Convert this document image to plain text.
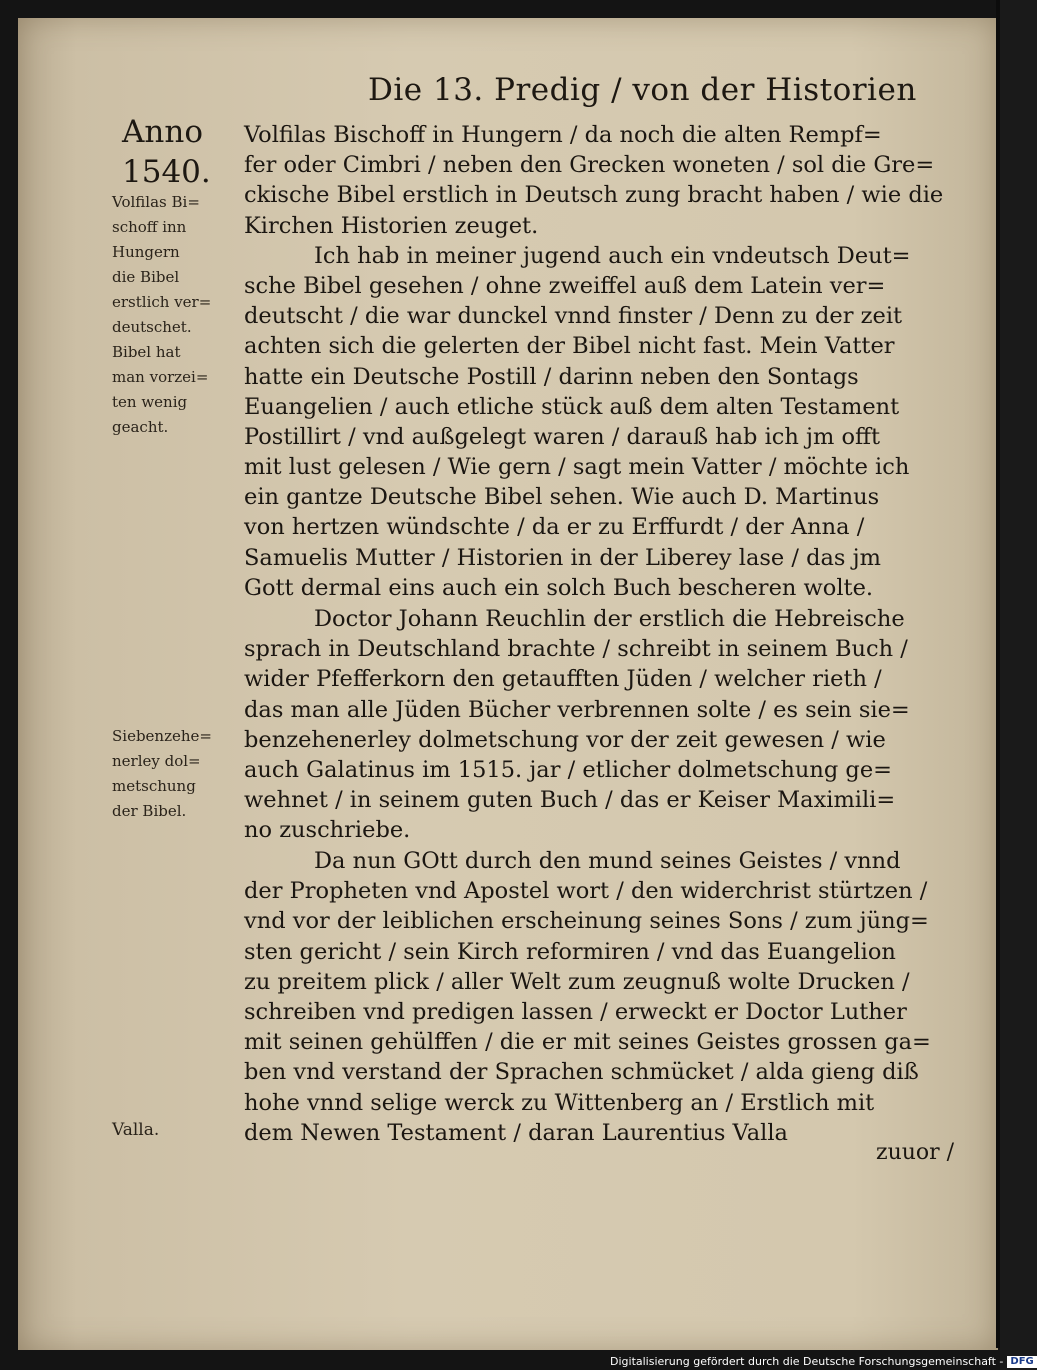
Die 13. Predig / von der Historien
Anno
1540.
Volfilas Bi=
schoff inn
Hungern
die Bibel
erstlich ver=
deutschet.
Bibel hat
man vorzei=
ten wenig
geacht.
Siebenzehe=
nerley dol=
metschung
der Bibel.
Valla.
Volfilas Bischoff in Hungern / da noch die alten Rempf=
fer oder Cimbri / neben den Grecken woneten / sol die Gre=
ckische Bibel erstlich in Deutsch zung bracht haben / wie die
Kirchen Historien zeuget.
Ich hab in meiner jugend auch ein vndeutsch Deut=
sche Bibel gesehen / ohne zweiffel auß dem Latein ver=
deutscht / die war dunckel vnnd finster / Denn zu der zeit
achten sich die gelerten der Bibel nicht fast. Mein Vatter
hatte ein Deutsche Postill / darinn neben den Sontags
Euangelien / auch etliche stück auß dem alten Testament
Postillirt / vnd außgelegt waren / darauß hab ich jm offt
mit lust gelesen / Wie gern / sagt mein Vatter / möchte ich
ein gantze Deutsche Bibel sehen. Wie auch D. Martinus
von hertzen wündschte / da er zu Erffurdt / der Anna /
Samuelis Mutter / Historien in der Liberey lase / das jm
Gott dermal eins auch ein solch Buch bescheren wolte.
Doctor Johann Reuchlin der erstlich die Hebreische
sprach in Deutschland brachte / schreibt in seinem Buch /
wider Pfefferkorn den getaufften Jüden / welcher rieth /
das man alle Jüden Bücher verbrennen solte / es sein sie=
benzehenerley dolmetschung vor der zeit gewesen / wie
auch Galatinus im 1515. jar / etlicher dolmetschung ge=
wehnet / in seinem guten Buch / das er Keiser Maximili=
no zuschriebe.
Da nun GOtt durch den mund seines Geistes / vnnd
der Propheten vnd Apostel wort / den widerchrist stürtzen /
vnd vor der leiblichen erscheinung seines Sons / zum jüng=
sten gericht / sein Kirch reformiren / vnd das Euangelion
zu preitem plick / aller Welt zum zeugnuß wolte Drucken /
schreiben vnd predigen lassen / erweckt er Doctor Luther
mit seinen gehülffen / die er mit seines Geistes grossen ga=
ben vnd verstand der Sprachen schmücket / alda gieng diß
hohe vnnd selige werck zu Wittenberg an / Erstlich mit
dem Newen Testament / daran Laurentius Valla
zuuor /
Digitalisierung gefördert durch die Deutsche Forschungsgemeinschaft - DFG
